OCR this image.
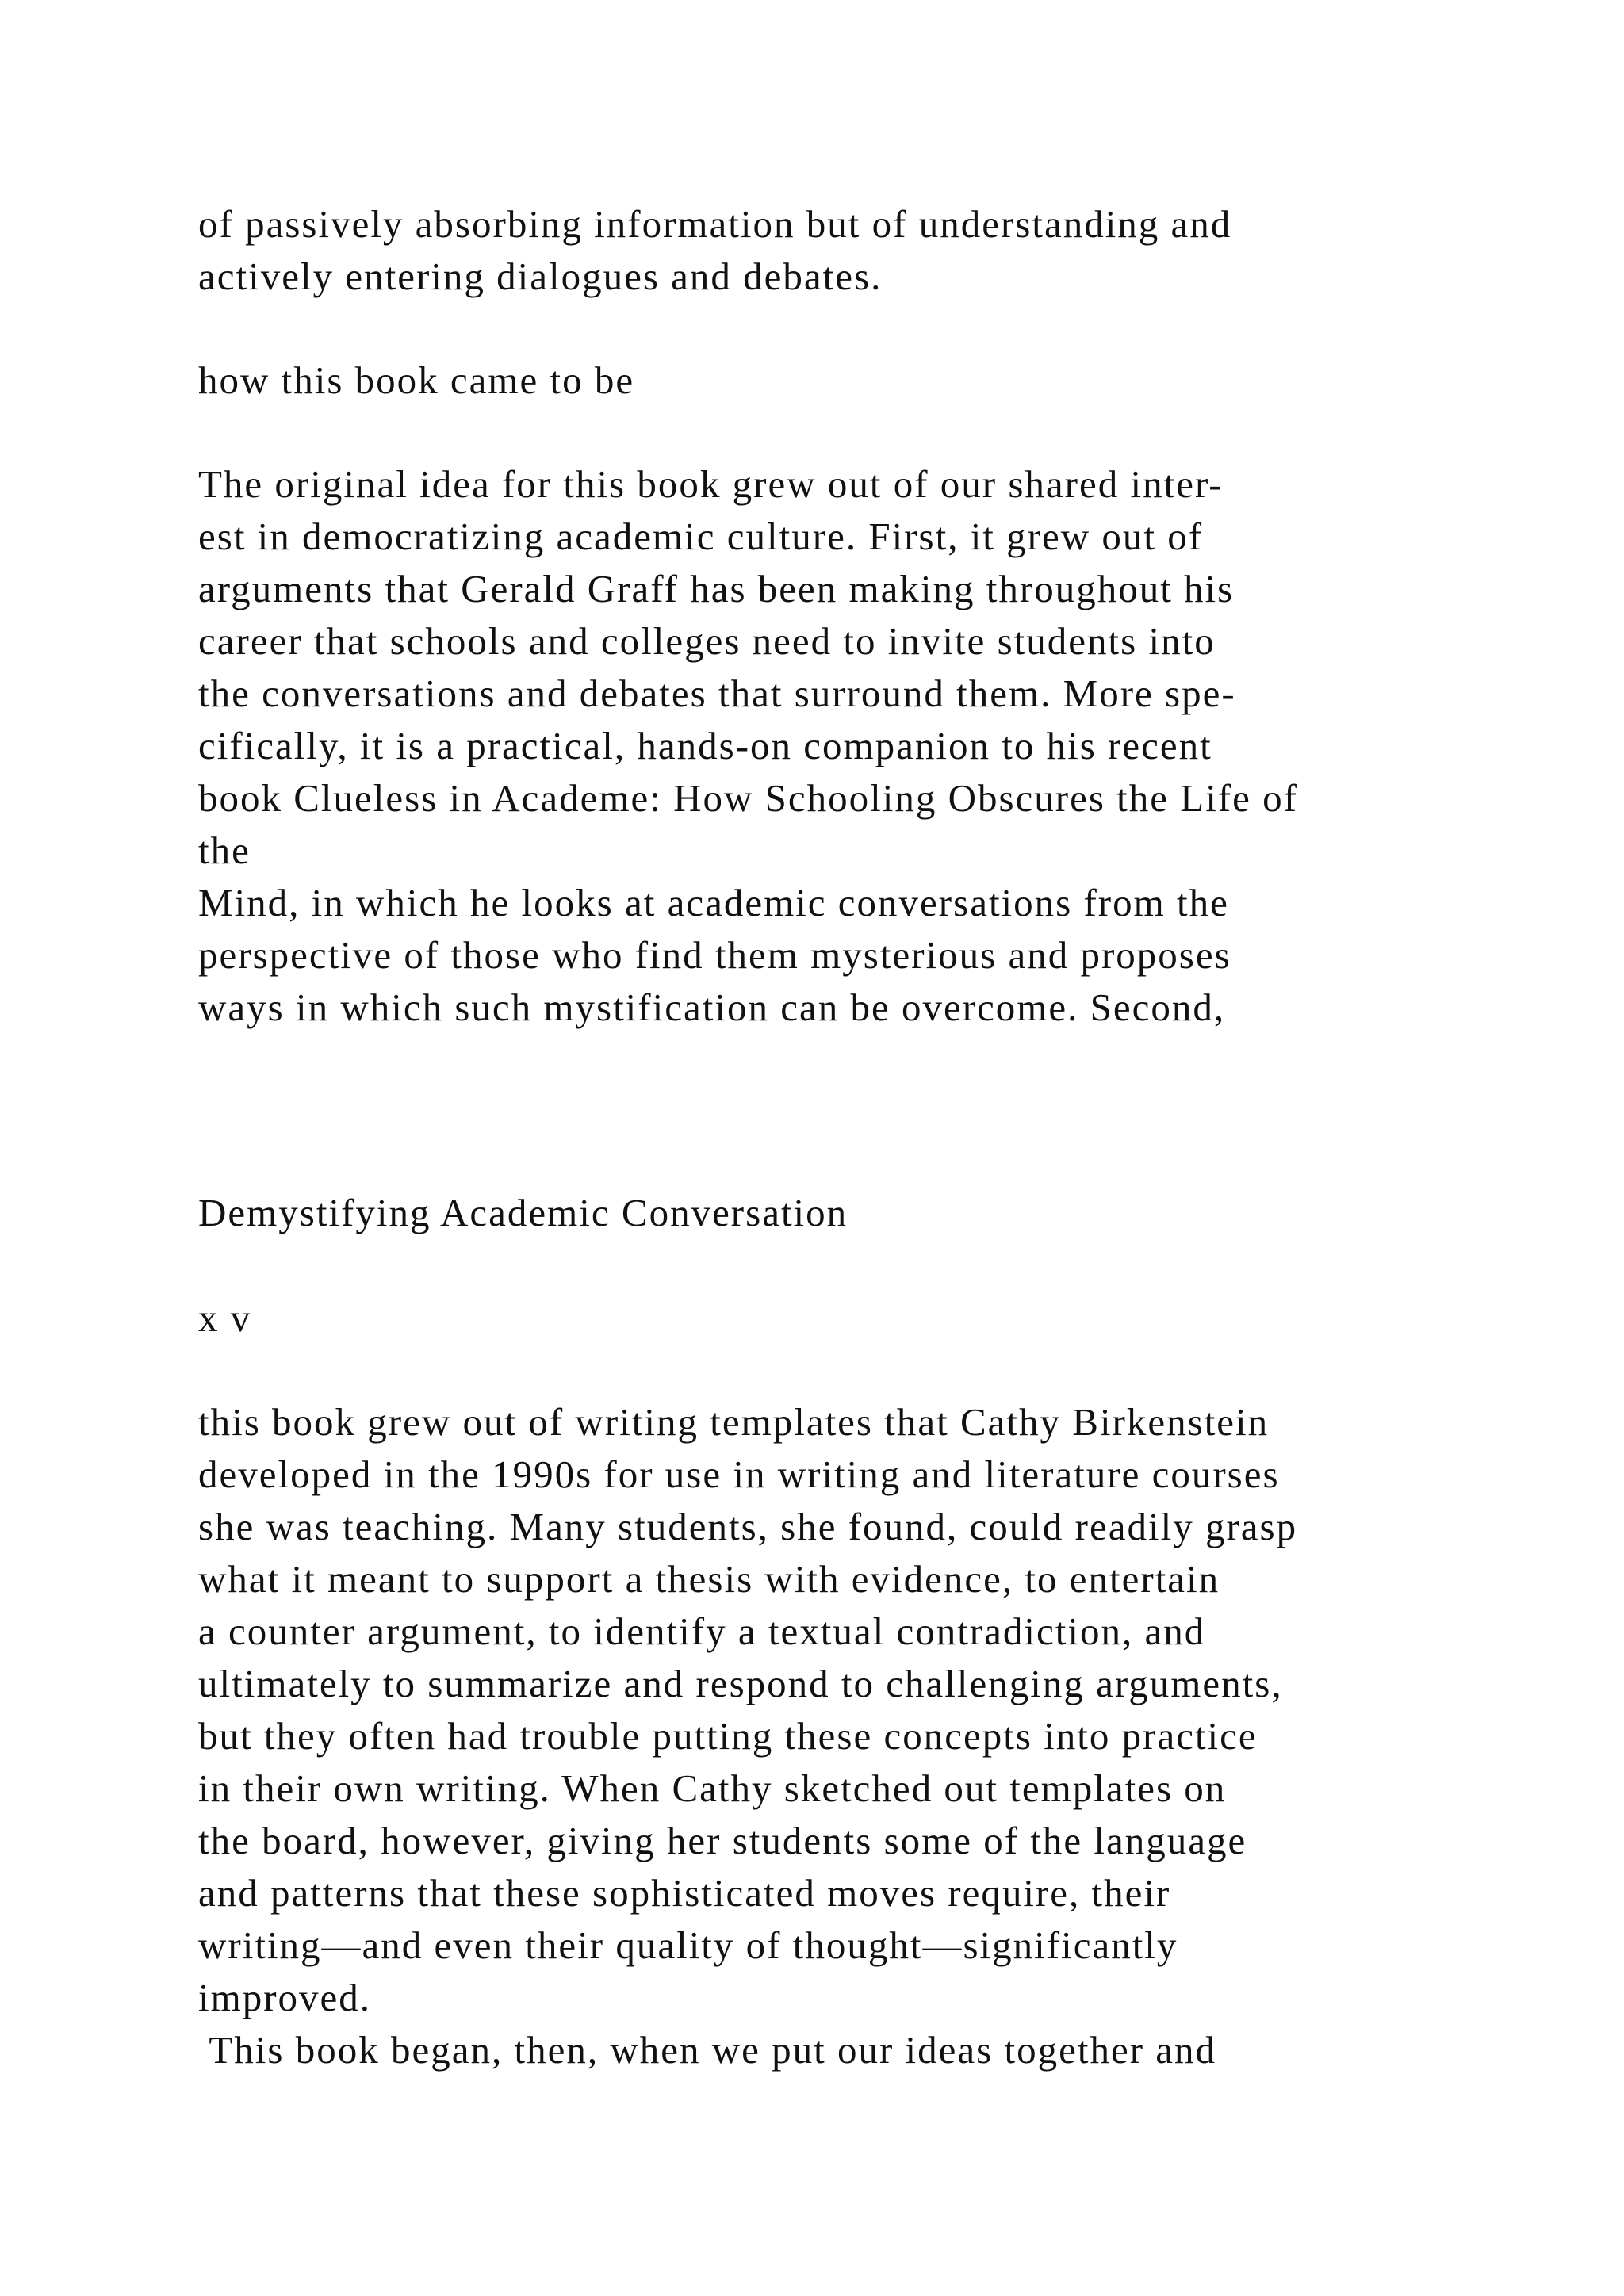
of passively absorbing information but of understanding and
actively entering dialogues and debates.
how this book came to be
The original idea for this book grew out of our shared inter-
est in democratizing academic culture. First, it grew out of
arguments that Gerald Graff has been making throughout his
career that schools and colleges need to invite students into
the conversations and debates that surround them. More spe-
cifically, it is a practical, hands-on companion to his recent
book Clueless in Academe: How Schooling Obscures the Life of
the
Mind, in which he looks at academic conversations from the
perspective of those who find them mysterious and proposes
ways in which such mystification can be overcome. Second,
Demystifying Academic Conversation
x v
this book grew out of writing templates that Cathy Birkenstein
developed in the 1990s for use in writing and literature courses
she was teaching. Many students, she found, could readily grasp
what it meant to support a thesis with evidence, to entertain
a counter argument, to identify a textual contradiction, and
ultimately to summarize and respond to challenging arguments,
but they often had trouble putting these concepts into practice
in their own writing. When Cathy sketched out templates on
the board, however, giving her students some of the language
and patterns that these sophisticated moves require, their
writing—and even their quality of thought—significantly
improved.
This book began, then, when we put our ideas together and
